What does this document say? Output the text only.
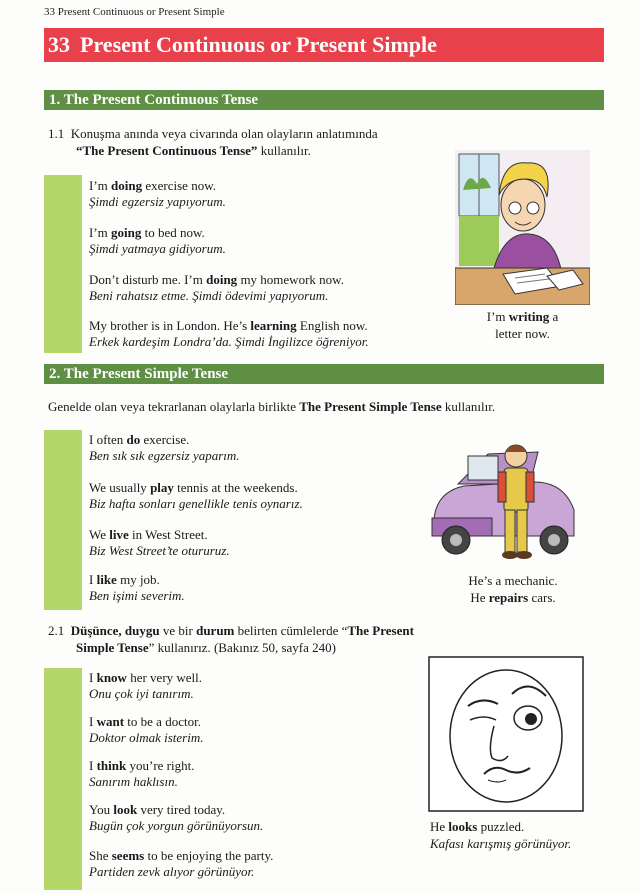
33 Present Continuous or Present Simple
33 Present Continuous or Present Simple
1. The Present Continuous Tense
1.1 Konuşma anında veya civarında olan olayların anlatımında
“The Present Continuous Tense” kullanılır.
I’m doing exercise now.
Şimdi egzersiz yapıyorum.
I’m going to bed now.
Şimdi yatmaya gidiyorum.
Don’t disturb me. I’m doing my homework now.
Beni rahatsız etme. Şimdi ödevimi yapıyorum.
My brother is in London. He’s learning English now.
Erkek kardeşim Londra’da. Şimdi İngilizce öğreniyor.
I’m writing a
letter now.
2. The Present Simple Tense
Genelde olan veya tekrarlanan olaylarla birlikte The Present Simple Tense kullanılır.
I often do exercise.
Ben sık sık egzersiz yaparım.
We usually play tennis at the weekends.
Biz hafta sonları genellikle tenis oynarız.
We live in West Street.
Biz West Street’te otururuz.
I like my job.
Ben işimi severim.
He’s a mechanic.
He repairs cars.
2.1 Düşünce, duygu ve bir durum belirten cümlelerde “The Present
Simple Tense” kullanırız. (Bakınız 50, sayfa 240)
I know her very well.
Onu çok iyi tanırım.
I want to be a doctor.
Doktor olmak isterim.
I think you’re right.
Sanırım haklısın.
You look very tired today.
Bugün çok yorgun görünüyorsun.
She seems to be enjoying the party.
Partiden zevk alıyor görünüyor.
He looks puzzled.
Kafası karışmış görünüyor.
